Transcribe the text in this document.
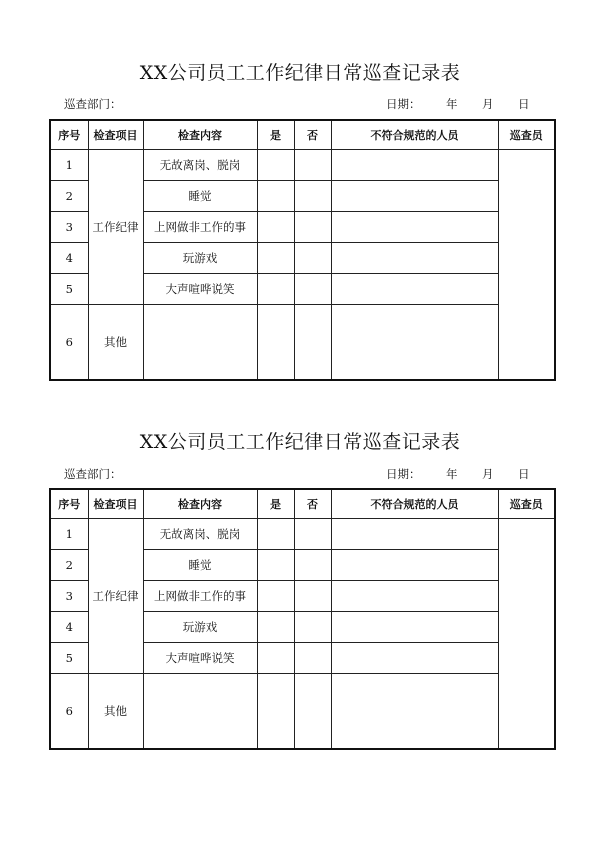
XX公司员工工作纪律日常巡查记录表
巡查部门：	日期： 年 月 日
序号	检查项目	检查内容	是	否	不符合规范的人员	巡查员
1	工作纪律	无故离岗、脱岗				
2		睡觉				
3		上网做非工作的事				
4		玩游戏				
5		大声喧哗说笑				
6	其他					
XX公司员工工作纪律日常巡查记录表
巡查部门：	日期： 年 月 日
序号	检查项目	检查内容	是	否	不符合规范的人员	巡查员
1	工作纪律	无故离岗、脱岗				
2		睡觉				
3		上网做非工作的事				
4		玩游戏				
5		大声喧哗说笑				
6	其他					
